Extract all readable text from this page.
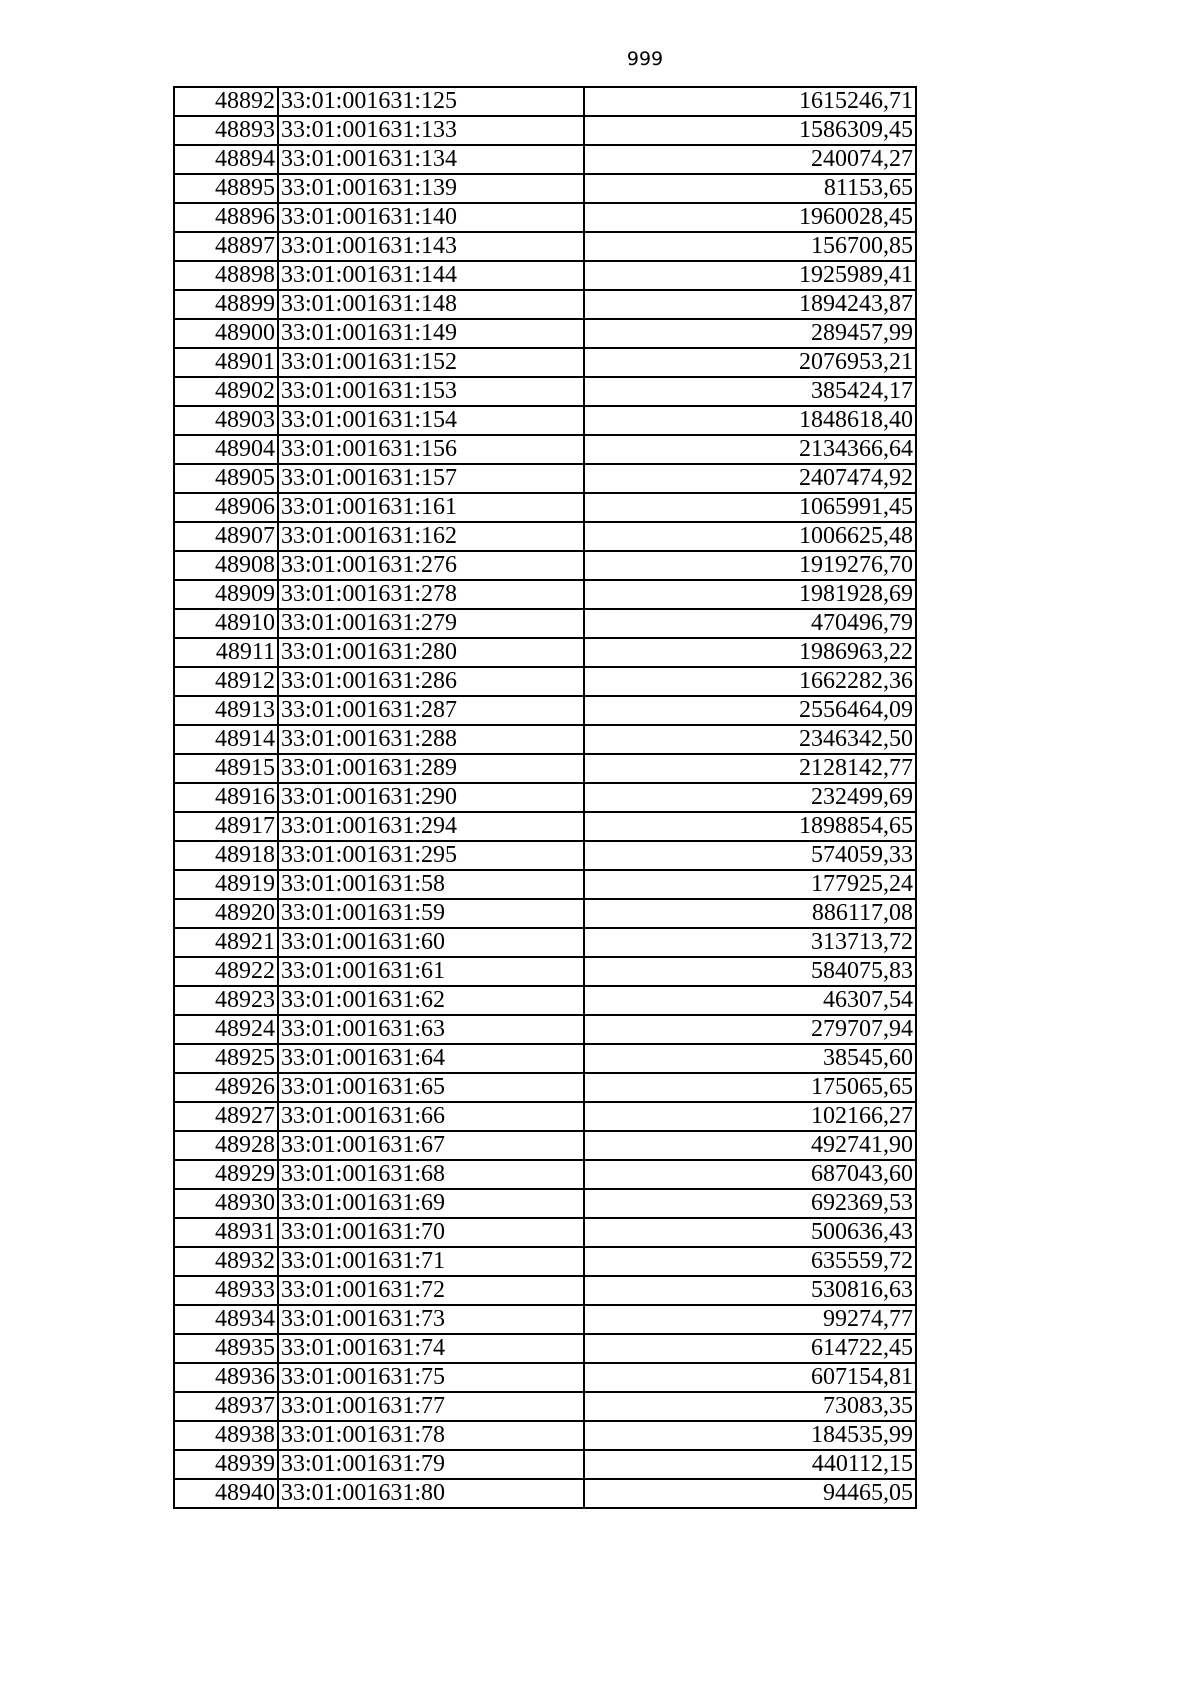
999
48892	33:01:001631:125	1615246,71
48893	33:01:001631:133	1586309,45
48894	33:01:001631:134	240074,27
48895	33:01:001631:139	81153,65
48896	33:01:001631:140	1960028,45
48897	33:01:001631:143	156700,85
48898	33:01:001631:144	1925989,41
48899	33:01:001631:148	1894243,87
48900	33:01:001631:149	289457,99
48901	33:01:001631:152	2076953,21
48902	33:01:001631:153	385424,17
48903	33:01:001631:154	1848618,40
48904	33:01:001631:156	2134366,64
48905	33:01:001631:157	2407474,92
48906	33:01:001631:161	1065991,45
48907	33:01:001631:162	1006625,48
48908	33:01:001631:276	1919276,70
48909	33:01:001631:278	1981928,69
48910	33:01:001631:279	470496,79
48911	33:01:001631:280	1986963,22
48912	33:01:001631:286	1662282,36
48913	33:01:001631:287	2556464,09
48914	33:01:001631:288	2346342,50
48915	33:01:001631:289	2128142,77
48916	33:01:001631:290	232499,69
48917	33:01:001631:294	1898854,65
48918	33:01:001631:295	574059,33
48919	33:01:001631:58	177925,24
48920	33:01:001631:59	886117,08
48921	33:01:001631:60	313713,72
48922	33:01:001631:61	584075,83
48923	33:01:001631:62	46307,54
48924	33:01:001631:63	279707,94
48925	33:01:001631:64	38545,60
48926	33:01:001631:65	175065,65
48927	33:01:001631:66	102166,27
48928	33:01:001631:67	492741,90
48929	33:01:001631:68	687043,60
48930	33:01:001631:69	692369,53
48931	33:01:001631:70	500636,43
48932	33:01:001631:71	635559,72
48933	33:01:001631:72	530816,63
48934	33:01:001631:73	99274,77
48935	33:01:001631:74	614722,45
48936	33:01:001631:75	607154,81
48937	33:01:001631:77	73083,35
48938	33:01:001631:78	184535,99
48939	33:01:001631:79	440112,15
48940	33:01:001631:80	94465,05
